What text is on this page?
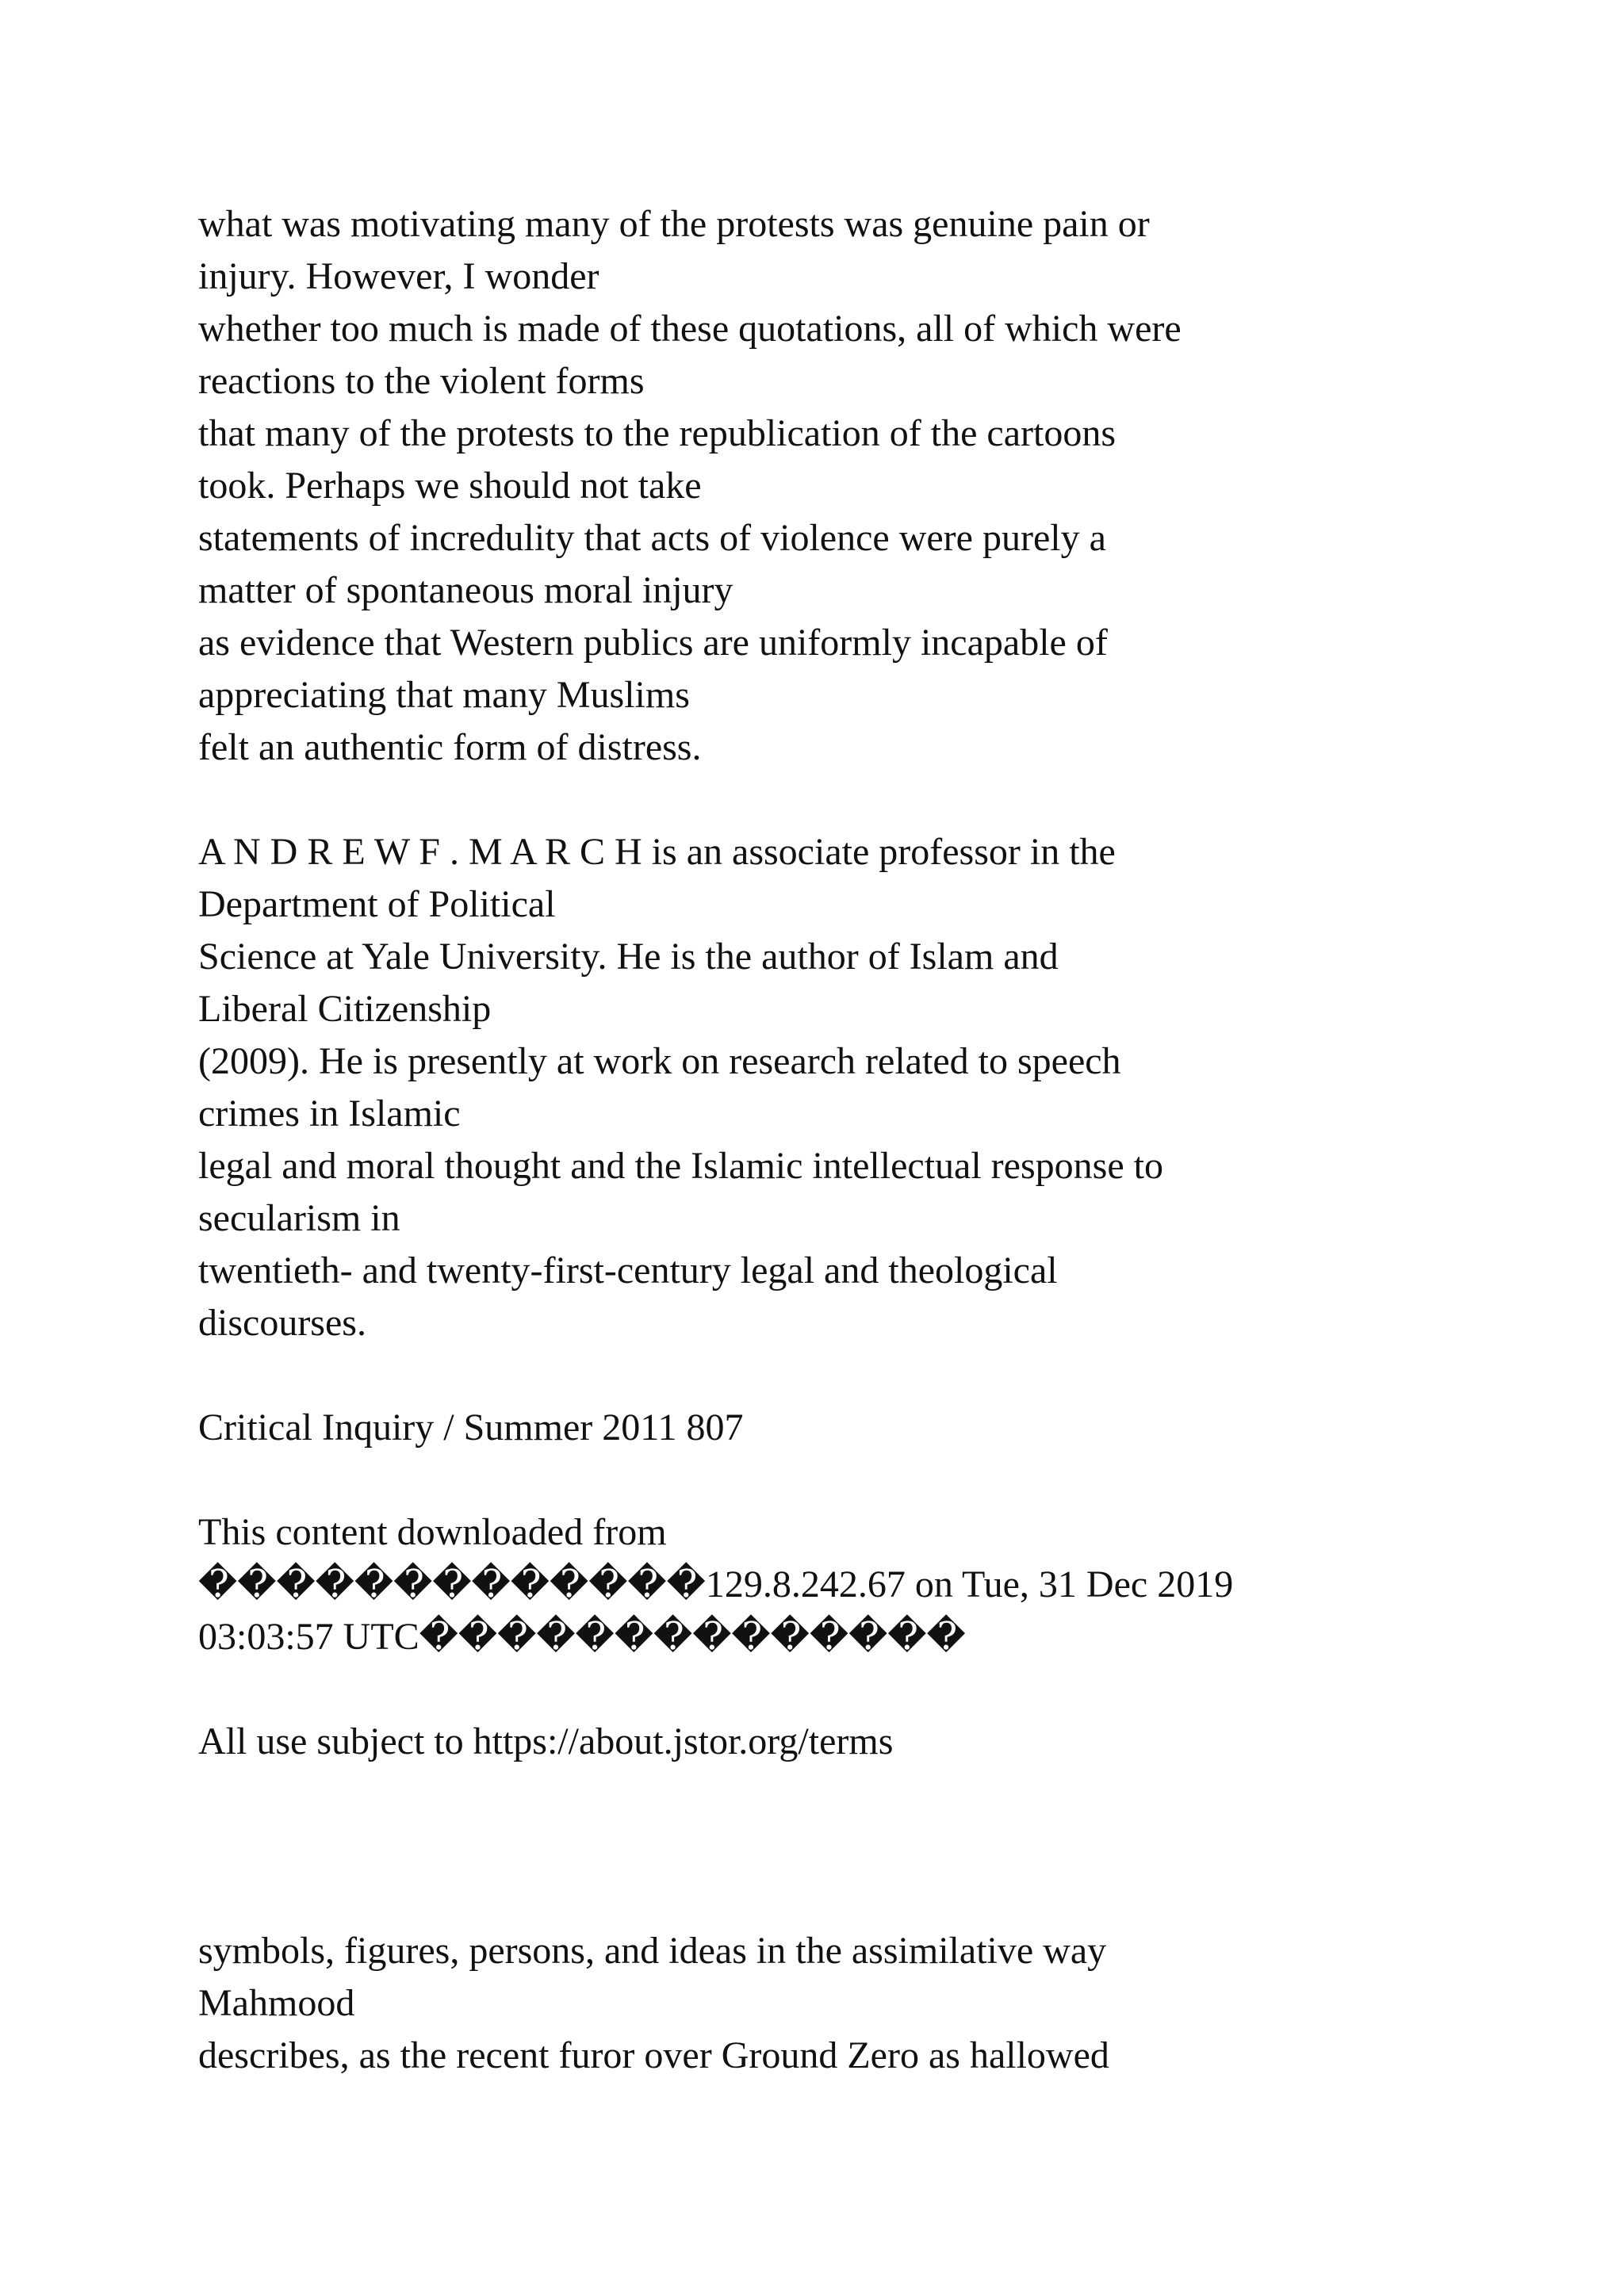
what was motivating many of the protests was genuine pain or
injury. However, I wonder
whether too much is made of these quotations, all of which were
reactions to the violent forms
that many of the protests to the republication of the cartoons
took. Perhaps we should not take
statements of incredulity that acts of violence were purely a
matter of spontaneous moral injury
as evidence that Western publics are uniformly incapable of
appreciating that many Muslims
felt an authentic form of distress.
A N D R E W F . M A R C H is an associate professor in the
Department of Political
Science at Yale University. He is the author of Islam and
Liberal Citizenship
(2009). He is presently at work on research related to speech
crimes in Islamic
legal and moral thought and the Islamic intellectual response to
secularism in
twentieth- and twenty-first-century legal and theological
discourses.
Critical Inquiry / Summer 2011 807
This content downloaded from
�������������129.8.242.67 on Tue, 31 Dec 2019
03:03:57 UTC��������������
All use subject to https://about.jstor.org/terms
symbols, figures, persons, and ideas in the assimilative way
Mahmood
describes, as the recent furor over Ground Zero as hallowed
